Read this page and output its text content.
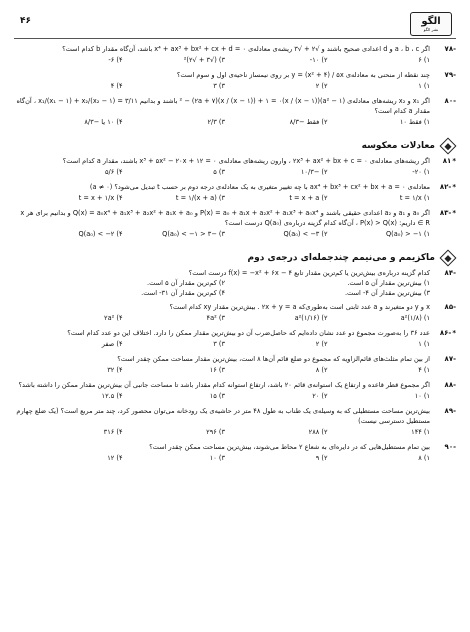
۴۶	الگو
نشر الگو
-۷۸
اگر a ، b ، c و d اعدادی صحیح باشند و √۲ + √۳ ریشه‌ی معادله‌ی x⁴ + ax³ + bx² + cx + d = ۰ باشد، آن‌گاه مقدار b کدام است؟
۱) ۶
۲) ۱۰-
۳) (√۳ + √۲)²
۴) ۶-
-۷۹
چند نقطه از منحنی به معادله‌ی y = (x² + ۴) / ۵x بر روی نیمساز ناحیه‌ی اول و سوم است؟
۱) ۱
۲) ۲
۳) ۳
۴) ۴
-۸۰
اگر x₁ و x₂ ریشه‌های معادله‌ی (a² − ۱)(x / (x − ۱))² − (۲a + ۷)(x / (x − ۱)) + ۱ = ۰ باشند و بدانیم x₁/(x₁ − ۱) + x₂/(x₂ − ۱) = ۳/۱۱ ، آن‌گاه مقدار a کدام است؟
۱) فقط ۱۰
۲) فقط −۸/۳
۳) ۲/۳
۴) ۱۰ یا −۸/۳
معادلات معکوسه
* ۸۱
اگر ریشه‌های معادله‌ی ۲x³ + ax² + bx + c = ۰ ، وارون ریشه‌های معادله‌ی x³ + ۵x² − ۲۰x + ۱۲ = ۰ باشند، مقدار a کدام است؟
۱) ۲۰-
۲) −۱۰/۳
۳) ۵
۴) ۵/۶
* -۸۲
معادله‌ی ax⁴ + bx³ + cx² + bx + a = ۰ با چه تغییر متغیری به یک معادله‌ی درجه دوم بر حسب t تبدیل می‌شود؟ (a ≠ ۰)
۱) t = ۱/x
۲) t = x + a
۳) t = ۱/(x + a)
۴) t = x + ۱/x
* -۸۳
اگر a₀ و a₁ و a₂ اعدادی حقیقی باشند و P(x) = a₀ + a₁x + a₂x² + a₁x³ + a₀x⁴ و Q(x) = a₀x⁴ + a₁x³ + a₂x² + a₁x + a₀ و بدانیم برای هر x ∈ R داریم: P(x) > Q(x) ، آن‌گاه کدام گزینه درباره‌ی Q(a₀) درست است؟
۱) Q(a₀) > −۱
۲) Q(a₀) < −۳
۳) −۳ < Q(a₀) < −۱
۴) Q(a₀) < −۲
ماکزیمم و می‌نیمم چندجمله‌ای درجه‌ی دوم
-۸۴
کدام گزینه درباره‌ی بیش‌ترین یا کم‌ترین مقدار تابع f(x) = −x² + ۶x − ۴ درست است؟
۱) بیش‌ترین مقدار آن ۵ است.
۲) کم‌ترین مقدار آن ۵ است.
۳) بیش‌ترین مقدار آن ۴- است.
۴) کم‌ترین مقدار آن ۳۱- است.
-۸۵
x و y دو متغیرند و a عدد ثابتی است به‌طوری‌که ۲x + y = a . بیش‌ترین مقدار xy کدام است؟
۱) (۱/۸)a²
۲) (۱/۱۶)a²
۳) ۴a²
۴) ۲a²
* -۸۶
عدد ۳۶ را به‌صورت مجموع دو عدد نشان داده‌ایم که حاصل‌ضرب آن دو بیش‌ترین مقدار ممکن را دارد. اختلاف این دو عدد کدام است؟
۱) ۱
۲) ۲
۳) ۳
۴) صفر
-۸۷
از بین تمام مثلث‌های قائم‌الزاویه که مجموع دو ضلع قائم آن‌ها ۸ است، بیش‌ترین مقدار مساحت ممکن چقدر است؟
۱) ۴
۲) ۸
۳) ۱۶
۴) ۳۲
-۸۸
اگر مجموع قطر قاعده و ارتفاع یک استوانه‌ی قائم ۲۰ باشد، ارتفاع استوانه کدام مقدار باشد تا مساحت جانبی آن بیش‌ترین مقدار ممکن را داشته باشد؟
۱) ۱۰
۲) ۲۰
۳) ۱۵
۴) ۱۲.۵
-۸۹
بیش‌ترین مساحت مستطیلی که به وسیله‌ی یک طناب به طول ۴۸ متر در حاشیه‌ی یک رودخانه می‌توان محصور کرد، چند متر مربع است؟ (یک ضلع چهارم مستطیل دسترسی نیست)
۱) ۱۴۴
۲) ۲۸۸
۳) ۲۹۶
۴) ۳۱۶
-۹۰
بین تمام مستطیل‌هایی که در دایره‌ای به شعاع ۲ محاط می‌شوند، بیش‌ترین مساحت ممکن چقدر است؟
۱) ۸
۲) ۹
۳) ۱۰
۴) ۱۲
